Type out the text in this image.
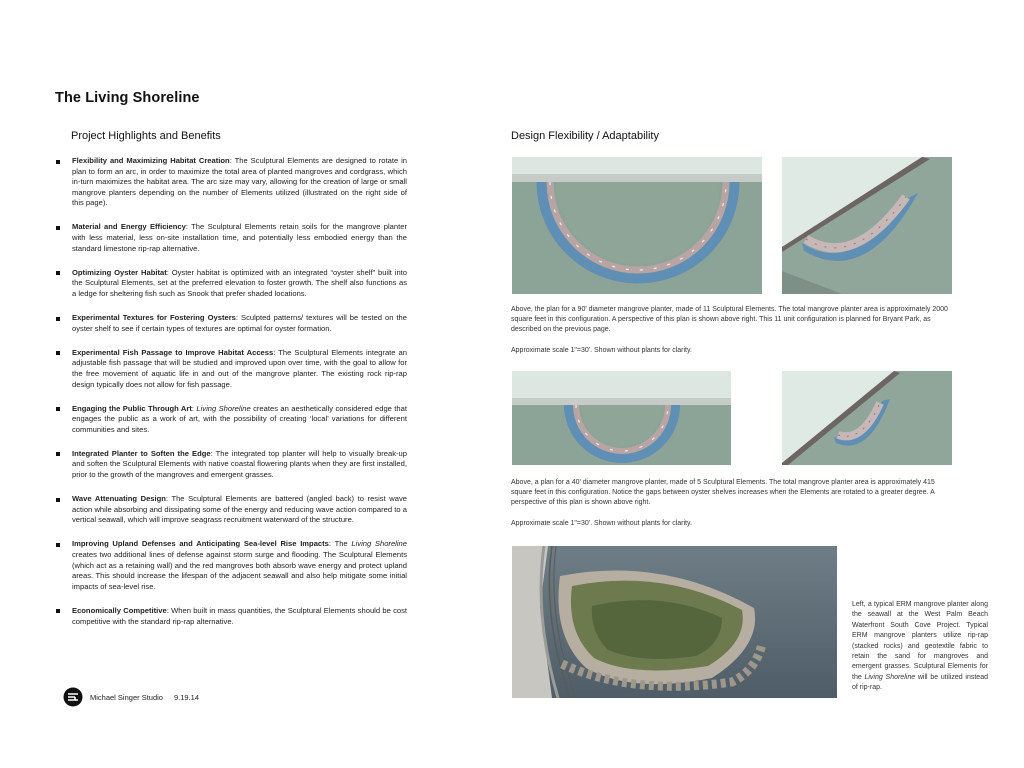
The Living Shoreline
Project Highlights and Benefits
Flexibility and Maximizing Habitat Creation: The Sculptural Elements are designed to rotate in plan to form an arc, in order to maximize the total area of planted mangroves and cordgrass, which in-turn maximizes the habitat area. The arc size may vary, allowing for the creation of large or small mangrove planters depending on the number of Elements utilized (illustrated on the right side of this page).
Material and Energy Efficiency: The Sculptural Elements retain soils for the mangrove planter with less material, less on-site installation time, and potentially less embodied energy than the standard limestone rip-rap alternative.
Optimizing Oyster Habitat: Oyster habitat is optimized with an integrated “oyster shelf” built into the Sculptural Elements, set at the preferred elevation to foster growth. The shelf also functions as a ledge for sheltering fish such as Snook that prefer shaded locations.
Experimental Textures for Fostering Oysters: Sculpted patterns/ textures will be tested on the oyster shelf to see if certain types of textures are optimal for oyster formation.
Experimental Fish Passage to Improve Habitat Access: The Sculptural Elements integrate an adjustable fish passage that will be studied and improved upon over time, with the goal to allow for the free movement of aquatic life in and out of the mangrove planter. The existing rock rip-rap design typically does not allow for fish passage.
Engaging the Public Through Art: Living Shoreline creates an aesthetically considered edge that engages the public as a work of art, with the possibility of creating ‘local’ variations for different communities and sites.
Integrated Planter to Soften the Edge: The integrated top planter will help to visually break-up and soften the Sculptural Elements with native coastal flowering plants when they are first installed, prior to the growth of the mangroves and emergent grasses.
Wave Attenuating Design: The Sculptural Elements are battered (angled back) to resist wave action while absorbing and dissipating some of the energy and reducing wave action compared to a vertical seawall, which will improve seagrass recruitment waterward of the structure.
Improving Upland Defenses and Anticipating Sea-level Rise Impacts: The Living Shoreline creates two additional lines of defense against storm surge and flooding. The Sculptural Elements (which act as a retaining wall) and the red mangroves both absorb wave energy and protect upland areas. This should increase the lifespan of the adjacent seawall and also help mitigate some initial impacts of sea-level rise.
Economically Competitive: When built in mass quantities, the Sculptural Elements should be cost competitive with the standard rip-rap alternative.
Michael Singer Studio 9.19.14
Design Flexibility / Adaptability

Above, the plan for a 90' diameter mangrove planter, made of 11 Sculptural Elements. The total mangrove planter area is approximately 2000 square feet in this configuration. A perspective of this plan is shown above right. This 11 unit configuration is planned for Bryant Park, as described on the previous page.

Approximate scale 1"=30'. Shown without plants for clarity.

Above, a plan for a 40' diameter mangrove planter, made of 5 Sculptural Elements. The total mangrove planter area is approximately 415 square feet in this configuration. Notice the gaps between oyster shelves increases when the Elements are rotated to a greater degree. A perspective of this plan is shown above right.

Approximate scale 1"=30'. Shown without plants for clarity.
Left, a typical ERM mangrove planter along the seawall at the West Palm Beach Waterfront South Cove Project. Typical ERM mangrove planters utilize rip-rap (stacked rocks) and geotextile fabric to retain the sand for mangroves and emergent grasses. Sculptural Elements for the Living Shoreline will be utilized instead of rip-rap.
